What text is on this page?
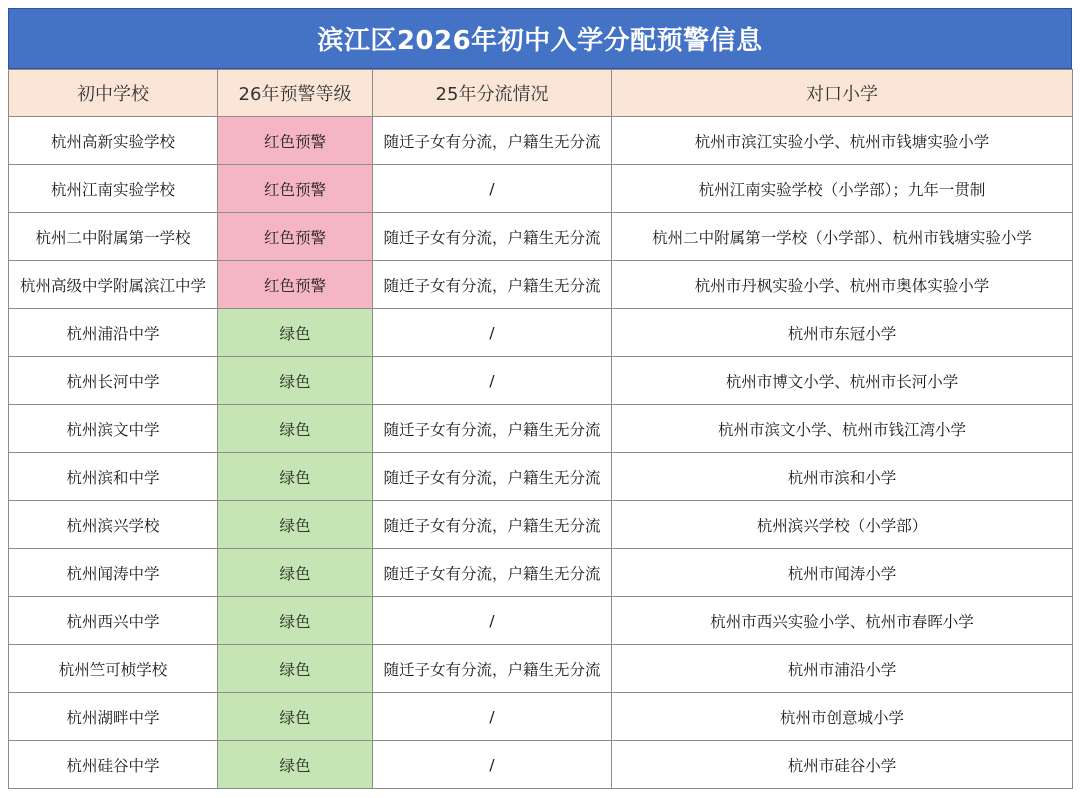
滨江区2026年初中入学分配预警信息
初中学校	26年预警等级	25年分流情况	对口小学
杭州高新实验学校	红色预警	随迁子女有分流，户籍生无分流	杭州市滨江实验小学、杭州市钱塘实验小学
杭州江南实验学校	红色预警	/	杭州江南实验学校（小学部）；九年一贯制
杭州二中附属第一学校	红色预警	随迁子女有分流，户籍生无分流	杭州二中附属第一学校（小学部）、杭州市钱塘实验小学
杭州高级中学附属滨江中学	红色预警	随迁子女有分流，户籍生无分流	杭州市丹枫实验小学、杭州市奥体实验小学
杭州浦沿中学	绿色	/	杭州市东冠小学
杭州长河中学	绿色	/	杭州市博文小学、杭州市长河小学
杭州滨文中学	绿色	随迁子女有分流，户籍生无分流	杭州市滨文小学、杭州市钱江湾小学
杭州滨和中学	绿色	随迁子女有分流，户籍生无分流	杭州市滨和小学
杭州滨兴学校	绿色	随迁子女有分流，户籍生无分流	杭州滨兴学校（小学部）
杭州闻涛中学	绿色	随迁子女有分流，户籍生无分流	杭州市闻涛小学
杭州西兴中学	绿色	/	杭州市西兴实验小学、杭州市春晖小学
杭州竺可桢学校	绿色	随迁子女有分流，户籍生无分流	杭州市浦沿小学
杭州湖畔中学	绿色	/	杭州市创意城小学
杭州硅谷中学	绿色	/	杭州市硅谷小学
